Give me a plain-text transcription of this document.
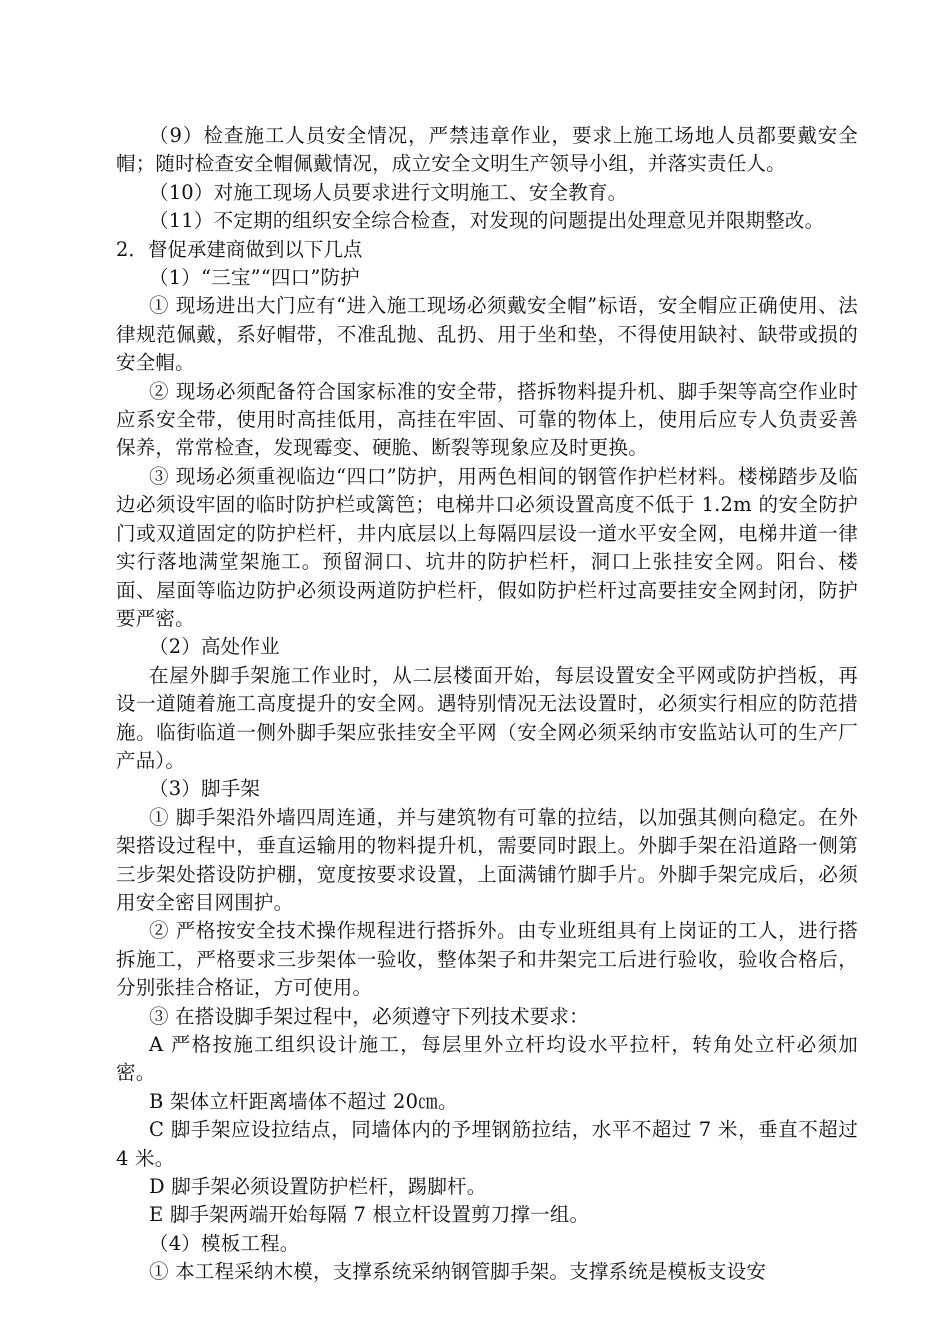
（9）检查施工人员安全情况，严禁违章作业，要求上施工场地人员都要戴安全帽；随时检查安全帽佩戴情况，成立安全文明生产领导小组，并落实责任人。

（10）对施工现场人员要求进行文明施工、安全教育。

（11）不定期的组织安全综合检查，对发现的问题提出处理意见并限期整改。

2．督促承建商做到以下几点

（1）“三宝”“四口”防护

① 现场进出大门应有“进入施工现场必须戴安全帽”标语，安全帽应正确使用、法律规范佩戴，系好帽带，不准乱抛、乱扔、用于坐和垫，不得使用缺衬、缺带或损的安全帽。

② 现场必须配备符合国家标准的安全带，搭拆物料提升机、脚手架等高空作业时应系安全带，使用时高挂低用，高挂在牢固、可靠的物体上，使用后应专人负责妥善保养，常常检查，发现霉变、硬脆、断裂等现象应及时更换。

③ 现场必须重视临边“四口”防护，用两色相间的钢管作护栏材料。楼梯踏步及临边必须设牢固的临时防护栏或篱笆；电梯井口必须设置高度不低于 1.2m 的安全防护门或双道固定的防护栏杆，井内底层以上每隔四层设一道水平安全网，电梯井道一律实行落地满堂架施工。预留洞口、坑井的防护栏杆，洞口上张挂安全网。阳台、楼面、屋面等临边防护必须设两道防护栏杆，假如防护栏杆过高要挂安全网封闭，防护要严密。

（2）高处作业

在屋外脚手架施工作业时，从二层楼面开始，每层设置安全平网或防护挡板，再设一道随着施工高度提升的安全网。遇特别情况无法设置时，必须实行相应的防范措施。临街临道一侧外脚手架应张挂安全平网（安全网必须采纳市安监站认可的生产厂产品）。

（3）脚手架

① 脚手架沿外墙四周连通，并与建筑物有可靠的拉结，以加强其侧向稳定。在外架搭设过程中，垂直运输用的物料提升机，需要同时跟上。外脚手架在沿道路一侧第三步架处搭设防护棚，宽度按要求设置，上面满铺竹脚手片。外脚手架完成后，必须用安全密目网围护。

② 严格按安全技术操作规程进行搭拆外。由专业班组具有上岗证的工人，进行搭拆施工，严格要求三步架体一验收，整体架子和井架完工后进行验收，验收合格后，分别张挂合格证，方可使用。

③ 在搭设脚手架过程中，必须遵守下列技术要求：

A 严格按施工组织设计施工，每层里外立杆均设水平拉杆，转角处立杆必须加密。

B 架体立杆距离墙体不超过 20㎝。

C 脚手架应设拉结点，同墙体内的予埋钢筋拉结，水平不超过 7 米，垂直不超过 4 米。

D 脚手架必须设置防护栏杆，踢脚杆。

E 脚手架两端开始每隔 7 根立杆设置剪刀撑一组。

（4）模板工程。

① 本工程采纳木模，支撑系统采纳钢管脚手架。支撑系统是模板支设安
